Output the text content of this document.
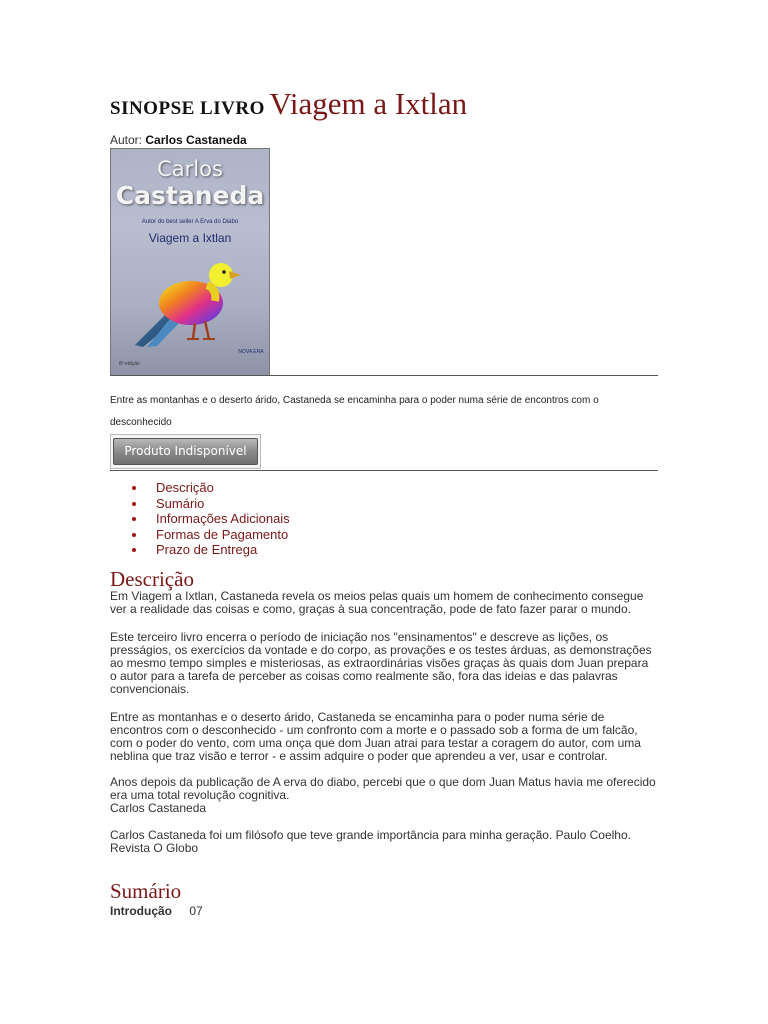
SINOPSE LIVRO Viagem a Ixtlan
Autor: Carlos Castaneda
Carlos
Castaneda
Autor do best seller A Erva do Diabo
Viagem a Ixtlan
8ª edição
NOVA ERA
Entre as montanhas e o deserto árido, Castaneda se encaminha para o poder numa série de encontros com o desconhecido
Produto Indisponível
Descrição
Sumário
Informações Adicionais
Formas de Pagamento
Prazo de Entrega
Descrição

Em Viagem a Ixtlan, Castaneda revela os meios pelas quais um homem de conhecimento consegue ver a realidade das coisas e como, graças à sua concentração, pode de fato fazer parar o mundo.

Este terceiro livro encerra o período de iniciação nos "ensinamentos" e descreve as lições, os presságios, os exercícios da vontade e do corpo, as provações e os testes árduas, as demonstrações ao mesmo tempo simples e misteriosas, as extraordinárias visões graças às quais dom Juan prepara o autor para a tarefa de perceber as coisas como realmente são, fora das ideias e das palavras convencionais.

Entre as montanhas e o deserto árido, Castaneda se encaminha para o poder numa série de encontros com o desconhecido - um confronto com a morte e o passado sob a forma de um falcão, com o poder do vento, com uma onça que dom Juan atrai para testar a coragem do autor, com uma neblina que traz visão e terror - e assim adquire o poder que aprendeu a ver, usar e controlar.

Anos depois da publicação de A erva do diabo, percebi que o que dom Juan Matus havia me oferecido era uma total revolução cognitiva.
Carlos Castaneda

Carlos Castaneda foi um filósofo que teve grande importância para minha geração. Paulo Coelho. Revista O Globo

Sumário
Introdução 07
